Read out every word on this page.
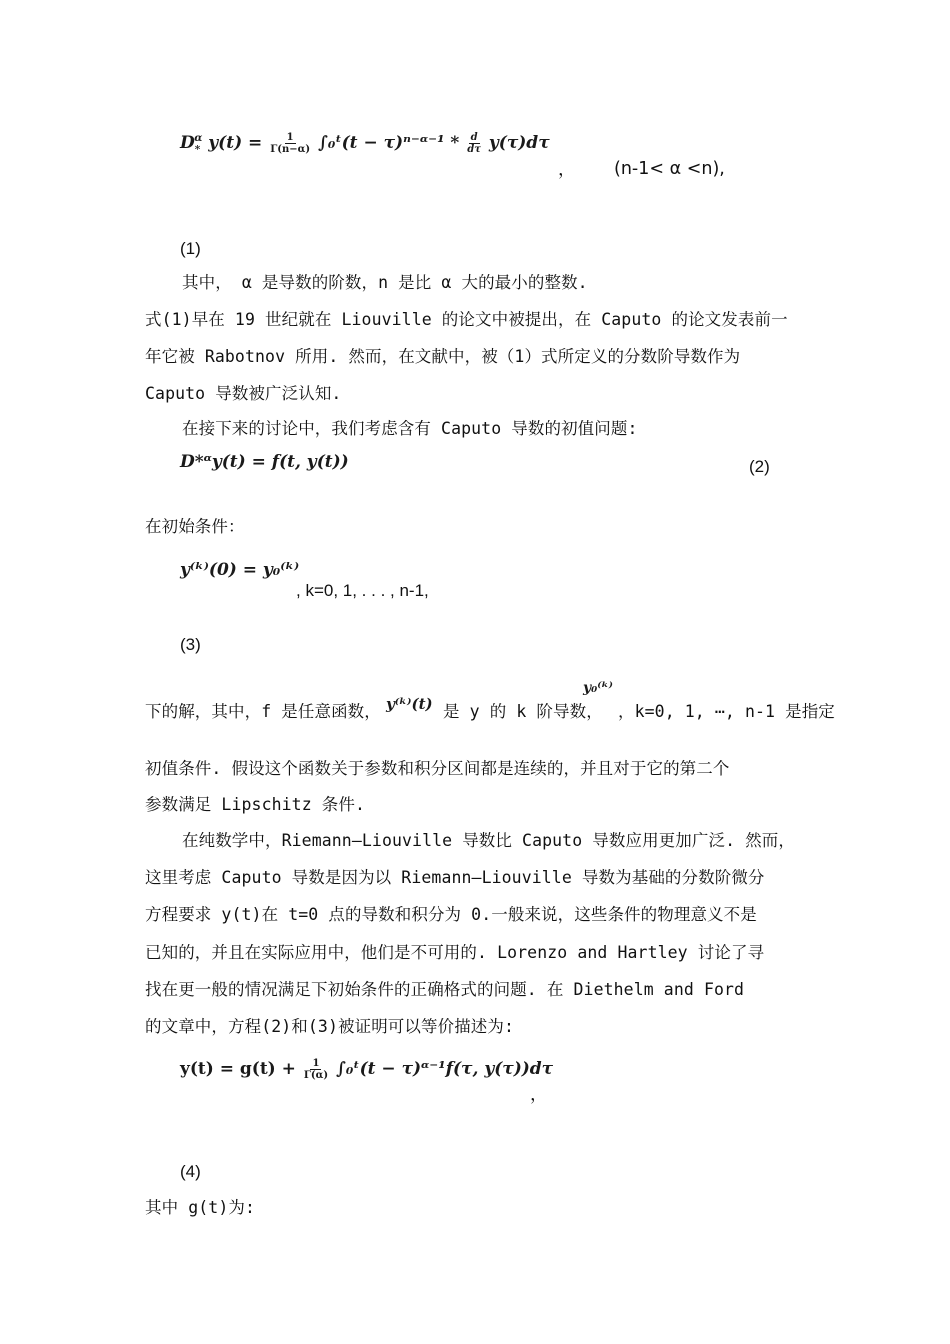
$D_*^\alpha$ $y(t) = \frac{1}{\Gamma(n-\alpha)}$ ∫₀ᵗ(t − τ)ⁿ⁻ᵅ⁻¹ * $\frac{d}{d\tau} y(\tau)d\tau$
， (n-1< α <n),
(1)
其中， α 是导数的阶数，n 是比 α 大的最小的整数.
式(1)早在 19 世纪就在 Liouville 的论文中被提出，在 Caputo 的论文发表前一
年它被 Rabotnov 所用. 然而，在文献中，被（1）式所定义的分数阶导数作为
Caputo 导数被广泛认知.
在接下来的讨论中，我们考虑含有 Caputo 导数的初值问题:
D*ᵅy(t) = f(t, y(t))	(2)
在初始条件：
y⁽ᵏ⁾(0) = y₀⁽ᵏ⁾
, k=0, 1, . . . , n-1,
(3)
下的解，其中，f 是任意函数， y⁽ᵏ⁾(t) 是 y 的 k 阶导数，
y₀⁽ᵏ⁾
，k=0, 1, ⋯, n-1 是指定
初值条件. 假设这个函数关于参数和积分区间都是连续的，并且对于它的第二个
参数满足 Lipschitz 条件.
在纯数学中，Riemann–Liouville 导数比 Caputo 导数应用更加广泛. 然而，
这里考虑 Caputo 导数是因为以 Riemann–Liouville 导数为基础的分数阶微分
方程要求 y(t)在 t=0 点的导数和积分为 0.一般来说，这些条件的物理意义不是
已知的，并且在实际应用中，他们是不可用的. Lorenzo and Hartley 讨论了寻
找在更一般的情况满足下初始条件的正确格式的问题. 在 Diethelm and Ford
的文章中，方程(2)和(3)被证明可以等价描述为:
$y(t) = g(t) + \frac{1}{\Gamma(\alpha)}$ ∫₀ᵗ(t − τ)ᵅ⁻¹f(τ, y(τ))dτ
，
(4)
其中 g(t)为:
